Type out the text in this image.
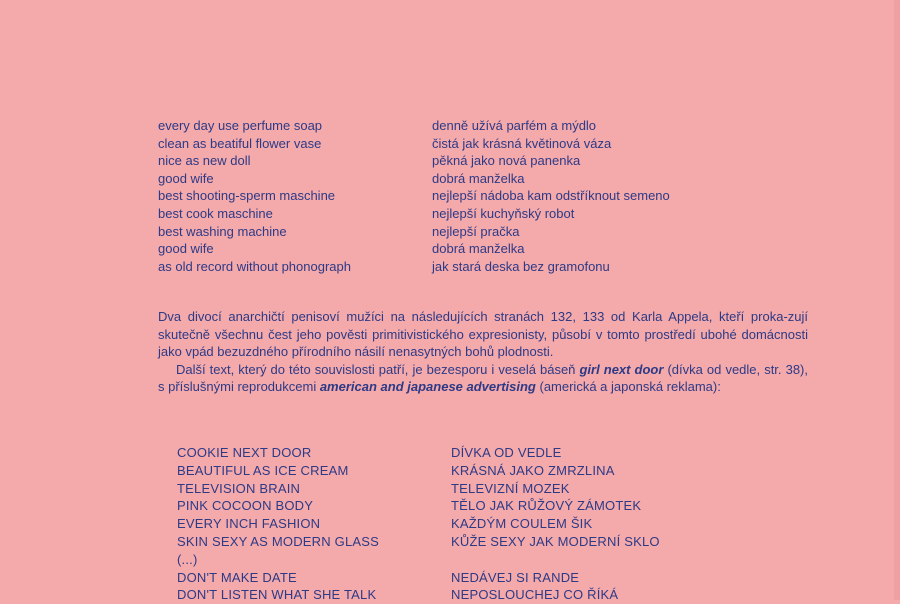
every day use perfume soap
clean as beatiful flower vase
nice as new doll
good wife
best shooting-sperm maschine
best cook maschine
best washing machine
good wife
as old record without phonograph
denně užívá parfém a mýdlo
čistá jak krásná květinová váza
pěkná jako nová panenka
dobrá manželka
nejlepší nádoba kam odstříknout semeno
nejlepší kuchyňský robot
nejlepší pračka
dobrá manželka
jak stará deska bez gramofonu

Dva divocí anarchičtí penisoví mužíci na následujících stranách 132, 133 od Karla Appela, kteří proka-zují skutečně všechnu čest jeho pověsti primitivistického expresionisty, působí v tomto prostředí ubohé domácnosti jako vpád bezuzdného přírodního násilí nenasytných bohů plodnosti.

Další text, který do této souvislosti patří, je bezesporu i veselá báseň girl next door (dívka od vedle, str. 38), s příslušnými reprodukcemi american and japanese advertising (americká a japonská reklama):

COOKIE NEXT DOOR
BEAUTIFUL AS ICE CREAM
TELEVISION BRAIN
PINK COCOON BODY
EVERY INCH FASHION
SKIN SEXY AS MODERN GLASS
(...)
DON'T MAKE DATE
DON'T LISTEN WHAT SHE TALK
DÍVKA OD VEDLE
KRÁSNÁ JAKO ZMRZLINA
TELEVIZNÍ MOZEK
TĚLO JAK RŮŽOVÝ ZÁMOTEK
KAŽDÝM COULEM ŠIK
KŮŽE SEXY JAK MODERNÍ SKLO
NEDÁVEJ SI RANDE
NEPOSLOUCHEJ CO ŘÍKÁ
